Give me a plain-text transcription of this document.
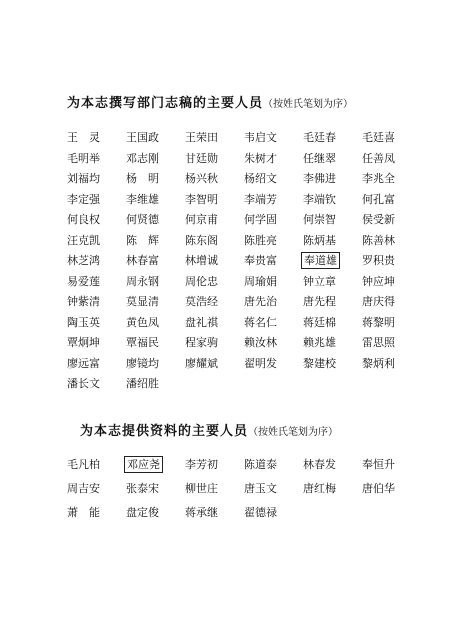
为本志撰写部门志稿的主要人员（按姓氏笔划为序）
王　灵 王国政 王荣田 韦启文 毛廷春 毛廷喜
毛明举 邓志刚 甘廷勋 朱树才 任继翠 任善凤
刘福均 杨　明 杨兴秋 杨绍文 李佛进 李兆全
李定强 李维雄 李智明 李端芳 李端钦 何孔富
何良权 何贤德 何京甫 何学固 何崇智 侯受新
汪克凯 陈　辉 陈东阁 陈胜亮 陈炳基 陈善林
林芝鸿 林春富 林增诚 奉贵富 奉道雄 罗积贵
易爱莲 周永钢 周伦忠 周瑜娟 钟立章 钟应坤
钟紫清 莫显清 莫浩经 唐先治 唐先程 唐庆得
陶玉英 黄色凤 盘礼祺 蒋名仁 蒋廷棉 蒋黎明
覃炯坤 覃福民 程家驹 赖汝林 赖兆雄 雷思照
廖远富 廖镜均 廖耀斌 翟明发 黎建校 黎炳利
潘长文 潘绍胜
为本志提供资料的主要人员（按姓氏笔划为序）
毛凡柏 邓应尧 李芳初 陈道泰 林春发 奉恒升
周吉安 张泰宋 柳世庄 唐玉文 唐红梅 唐伯华
萧　能 盘定俊 蒋承继 翟德禄
